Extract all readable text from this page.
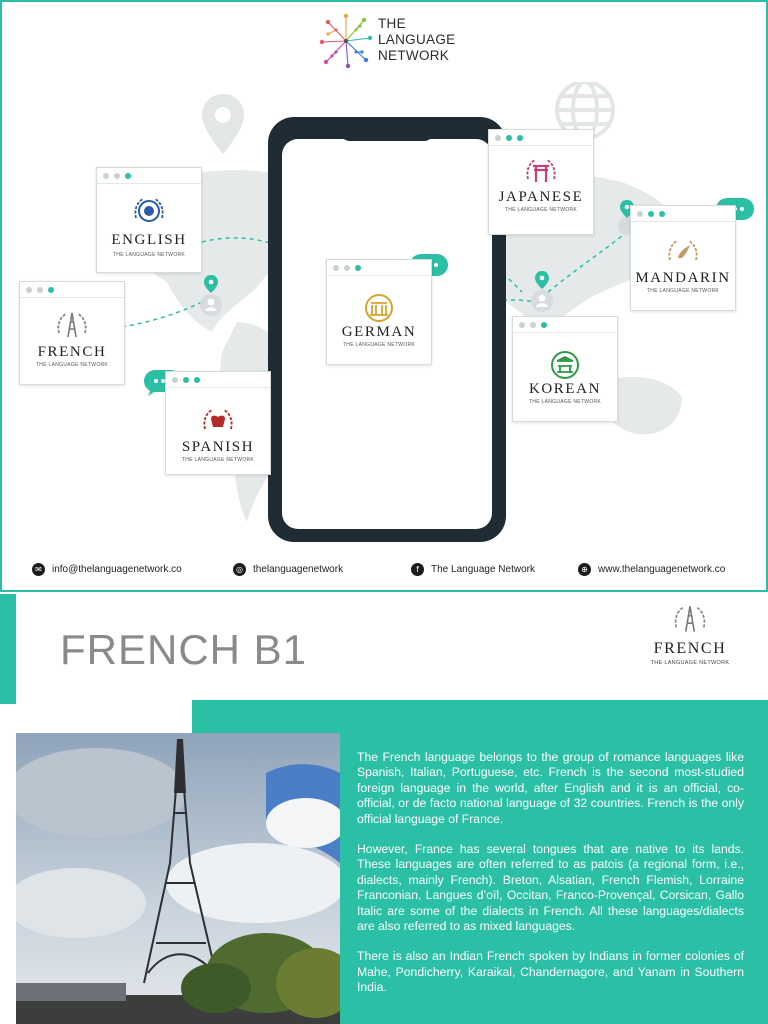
THE
LANGUAGE
NETWORK
ENGLISH
THE LANGUAGE NETWORK
JAPANESE
THE LANGUAGE NETWORK
MANDARIN
THE LANGUAGE NETWORK
FRENCH
THE LANGUAGE NETWORK
GERMAN
THE LANGUAGE NETWORK
KOREAN
THE LANGUAGE NETWORK
SPANISH
THE LANGUAGE NETWORK
✉	info@thelanguagenetwork.co	◎	thelanguagenetwork	f	The Language Network	⊕	www.thelanguagenetwork.co
FRENCH B1	FRENCH
THE LANGUAGE NETWORK

The French language belongs to the group of romance languages like Spanish, Italian, Portuguese, etc. French is the second most-studied foreign language in the world, after English and it is an official, co-official, or de facto national language of 32 countries. French is the only official language of France.

However, France has several tongues that are native to its lands. These languages are often referred to as patois (a regional form, i.e., dialects, mainly French). Breton, Alsatian, French Flemish, Lorraine Franconian, Langues d’oïl, Occitan, Franco-Provençal, Corsican, Gallo Italic are some of the dialects in French. All these languages/dialects are also referred to as mixed languages.

There is also an Indian French spoken by Indians in former colonies of Mahe, Pondicherry, Karaikal, Chandernagore, and Yanam in Southern India.
